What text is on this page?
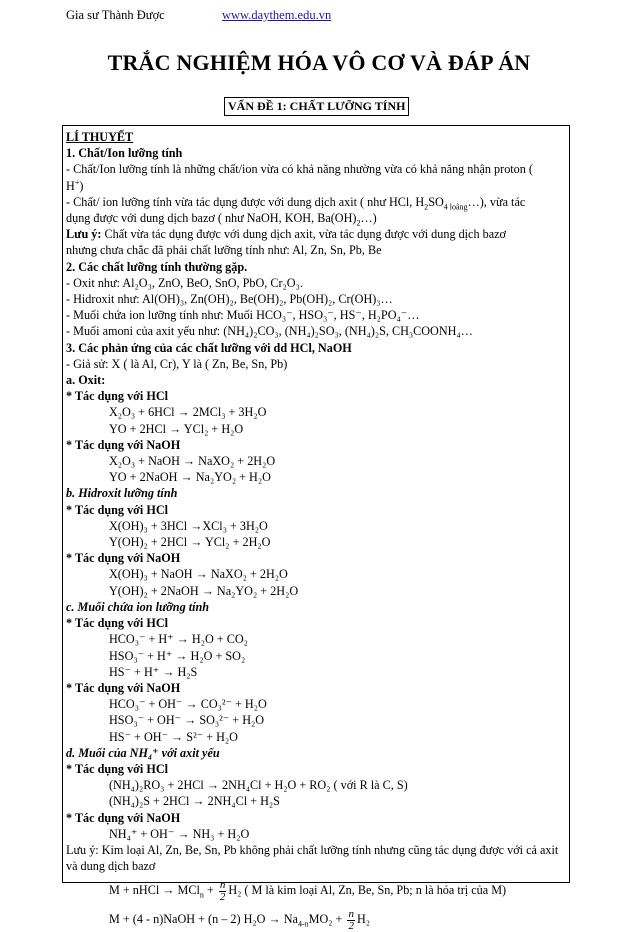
Gia sư Thành Được	www.daythem.edu.vn
TRẮC NGHIỆM HÓA VÔ CƠ VÀ ĐÁP ÁN
VẤN ĐỀ 1: CHẤT LƯỠNG TÍNH
LÍ THUYẾT
1. Chất/Ion lưỡng tính
- Chất/Ion lưỡng tính là những chất/ion vừa có khả năng nhường vừa có khả năng nhận proton (
H+)
- Chất/ ion lưỡng tính vừa tác dụng được với dung dịch axit ( như HCl, $H_2SO_{4 loãng}\dots$), vừa tác
dụng được với dung dịch bazơ ( như NaOH, KOH, $Ba(OH)_2\dots$)
Lưu ý: Chất vừa tác dụng được với dung dịch axit, vừa tác dụng được với dung dịch bazơ
nhưng chưa chắc đã phải chất lưỡng tính như: Al, Zn, Sn, Pb, Be
2. Các chất lưỡng tính thường gặp.
- Oxit như: Al₂O₃, ZnO, BeO, SnO, PbO, Cr₂O₃.
- Hidroxit như: Al(OH)₃, Zn(OH)₂, Be(OH)₂, Pb(OH)₂, Cr(OH)₃…
- Muối chứa ion lưỡng tính như: Muối HCO₃⁻, HSO₃⁻, HS⁻, H₂PO₄⁻…
- Muối amoni của axit yếu như: (NH₄)₂CO₃, (NH₄)₂SO₃, (NH₄)₂S, CH₃COONH₄…
3. Các phản ứng của các chất lưỡng với dd HCl, NaOH
- Giả sử: X ( là Al, Cr), Y là ( Zn, Be, Sn, Pb)
a. Oxit:
* Tác dụng với HCl
X₂O₃ + 6HCl → 2MCl₃ + 3H₂O
YO + 2HCl → YCl₂ + H₂O
* Tác dụng với NaOH
X₂O₃ + NaOH → NaXO₂ + 2H₂O
YO + 2NaOH → Na₂YO₂ + H₂O
b. Hidroxit lưỡng tính
* Tác dụng với HCl
X(OH)₃ + 3HCl →XCl₃ + 3H₂O
Y(OH)₂ + 2HCl → YCl₂ + 2H₂O
* Tác dụng với NaOH
X(OH)₃ + NaOH → NaXO₂ + 2H₂O
Y(OH)₂ + 2NaOH → Na₂YO₂ + 2H₂O
c. Muối chứa ion lưỡng tính
* Tác dụng với HCl
HCO₃⁻ + H⁺ → H₂O + CO₂
HSO₃⁻ + H⁺ → H₂O + SO₂
HS⁻ + H⁺ → H₂S
* Tác dụng với NaOH
HCO₃⁻ + OH⁻ → CO₃²⁻ + H₂O
HSO₃⁻ + OH⁻ → SO₃²⁻ + H₂O
HS⁻ + OH⁻ → S²⁻ + H₂O
d. Muối của NH₄⁺ với axit yếu
* Tác dụng với HCl
(NH₄)₂RO₃ + 2HCl → 2NH₄Cl + H₂O + RO₂ ( với R là C, S)
(NH₄)₂S + 2HCl → 2NH₄Cl + H₂S
* Tác dụng với NaOH
NH₄⁺ + OH⁻ → NH₃ + H₂O
Lưu ý: Kim loại Al, Zn, Be, Sn, Pb không phải chất lưỡng tính nhưng cũng tác dụng được với cả axit và dung dịch bazơ
M + nHCl → $MCl_n + \frac{n}{2} H_2$ ( M là kim loại Al, Zn, Be, Sn, Pb; n là hóa trị của M)
M + (4 - n)NaOH + (n – 2) $H_2O \to Na_{4-n}MO_2 + \frac{n}{2} H_2$
